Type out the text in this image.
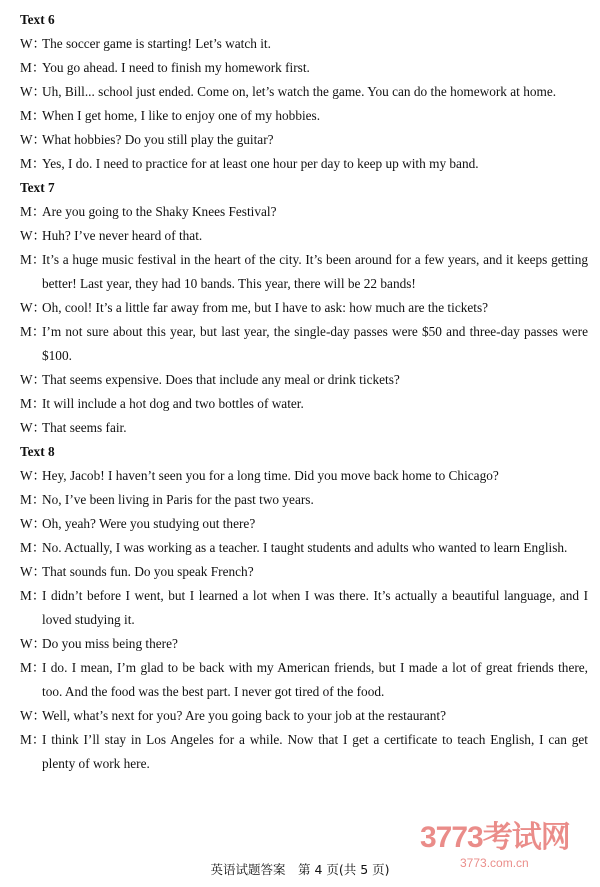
Text 6

W：
The soccer game is starting! Let’s watch it.

M：
You go ahead. I need to finish my homework first.

W：
Uh, Bill... school just ended. Come on, let’s watch the game. You can do the homework at home.

M：
When I get home, I like to enjoy one of my hobbies.

W：
What hobbies? Do you still play the guitar?

M：
Yes, I do. I need to practice for at least one hour per day to keep up with my band.

Text 7

M：
Are you going to the Shaky Knees Festival?

W：
Huh? I’ve never heard of that.

M：
It’s a huge music festival in the heart of the city. It’s been around for a few years, and it keeps getting better! Last year, they had 10 bands. This year, there will be 22 bands!

W：
Oh, cool! It’s a little far away from me, but I have to ask: how much are the tickets?

M：
I’m not sure about this year, but last year, the single-day passes were $50 and three-day passes were $100.

W：
That seems expensive. Does that include any meal or drink tickets?

M：
It will include a hot dog and two bottles of water.

W：
That seems fair.

Text 8

W：
Hey, Jacob! I haven’t seen you for a long time. Did you move back home to Chicago?

M：
No, I’ve been living in Paris for the past two years.

W：
Oh, yeah? Were you studying out there?

M：
No. Actually, I was working as a teacher. I taught students and adults who wanted to learn English.

W：
That sounds fun. Do you speak French?

M：
I didn’t before I went, but I learned a lot when I was there. It’s actually a beautiful language, and I loved studying it.

W：
Do you miss being there?

M：
I do. I mean, I’m glad to be back with my American friends, but I made a lot of great friends there, too. And the food was the best part. I never got tired of the food.

W：
Well, what’s next for you? Are you going back to your job at the restaurant?

M：
I think I’ll stay in Los Angeles for a while. Now that I get a certificate to teach English, I can get plenty of work here.

3773考试网
3773.com.cn
英语试题答案　第 4 页(共 5 页)
